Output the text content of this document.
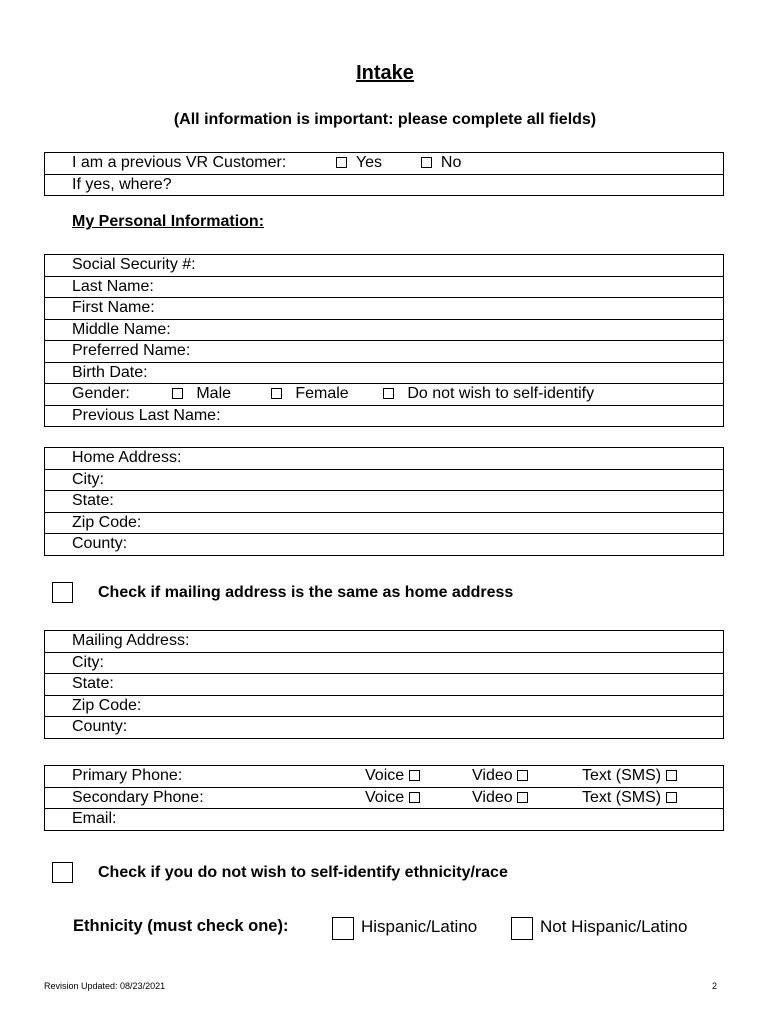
Intake
(All information is important: please complete all fields)
I am a previous VR Customer:	Yes	No
If yes, where?
My Personal Information:
Social Security #:
Last Name:
First Name:
Middle Name:
Preferred Name:
Birth Date:
Gender:	Male	Female	Do not wish to self-identify
Previous Last Name:
Home Address:
City:
State:
Zip Code:
County:
Check if mailing address is the same as home address
Mailing Address:
City:
State:
Zip Code:
County:
Primary Phone:	Voice	Video	Text (SMS)
Secondary Phone:	Voice	Video	Text (SMS)
Email:
Check if you do not wish to self-identify ethnicity/race
Ethnicity (must check one):	Hispanic/Latino	Not Hispanic/Latino
Revision Updated: 08/23/2021	2
